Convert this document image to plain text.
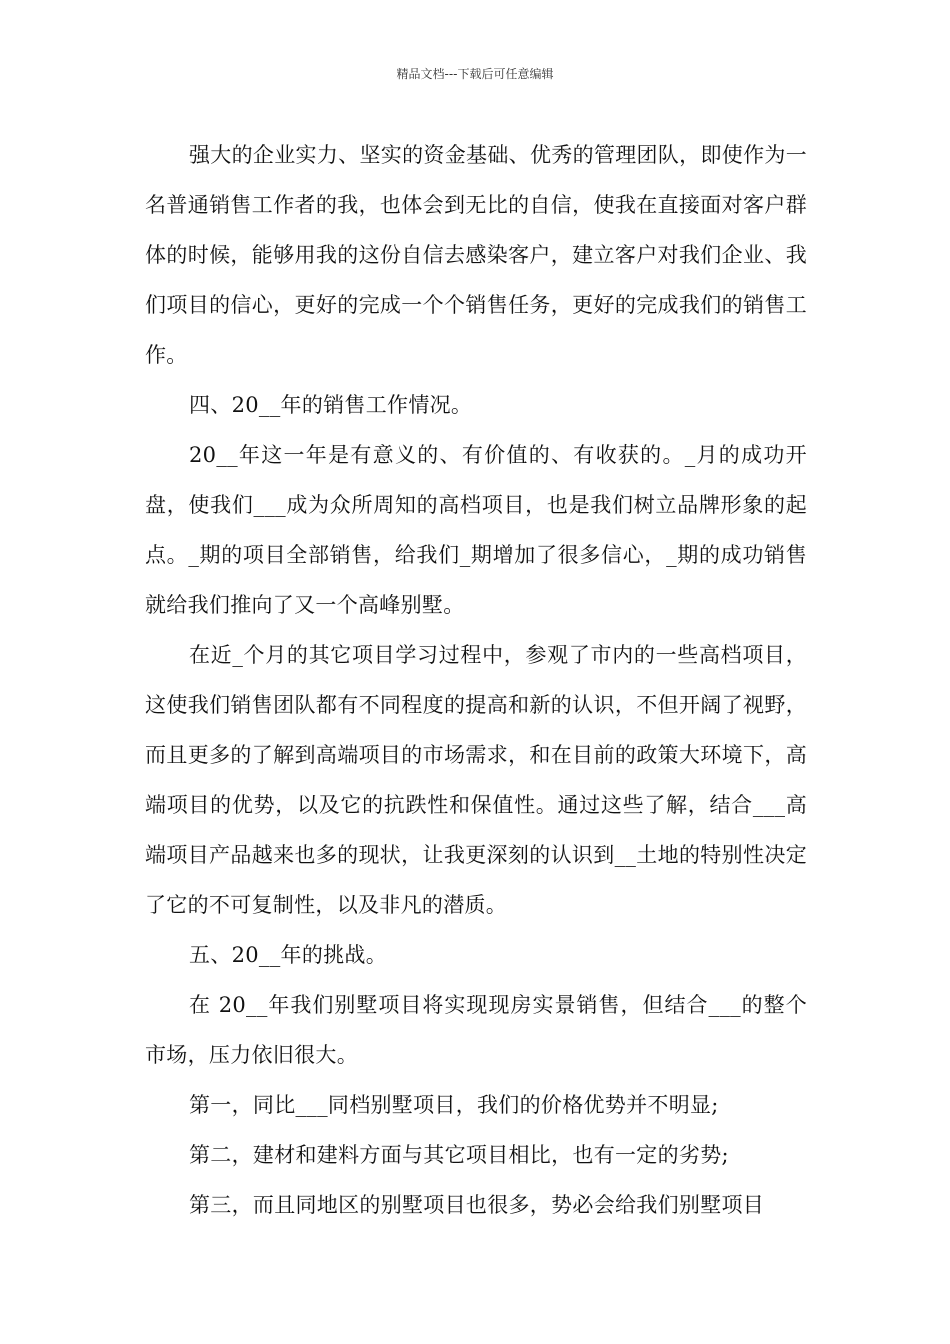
精品文档---下载后可任意编辑

强大的企业实力、坚实的资金基础、优秀的管理团队，即使作为一名普通销售工作者的我，也体会到无比的自信，使我在直接面对客户群体的时候，能够用我的这份自信去感染客户，建立客户对我们企业、我们项目的信心，更好的完成一个个销售任务，更好的完成我们的销售工作。

四、20__年的销售工作情况。

20__年这一年是有意义的、有价值的、有收获的。_月的成功开盘，使我们___成为众所周知的高档项目，也是我们树立品牌形象的起点。_期的项目全部销售，给我们_期增加了很多信心，_期的成功销售就给我们推向了又一个高峰别墅。

在近_个月的其它项目学习过程中，参观了市内的一些高档项目，这使我们销售团队都有不同程度的提高和新的认识，不但开阔了视野，而且更多的了解到高端项目的市场需求，和在目前的政策大环境下，高端项目的优势，以及它的抗跌性和保值性。通过这些了解，结合___高端项目产品越来也多的现状，让我更深刻的认识到__土地的特别性决定了它的不可复制性，以及非凡的潜质。

五、20__年的挑战。

在 20__年我们别墅项目将实现现房实景销售，但结合___的整个市场，压力依旧很大。

第一，同比___同档别墅项目，我们的价格优势并不明显;

第二，建材和建料方面与其它项目相比，也有一定的劣势;

第三，而且同地区的别墅项目也很多，势必会给我们别墅项目
